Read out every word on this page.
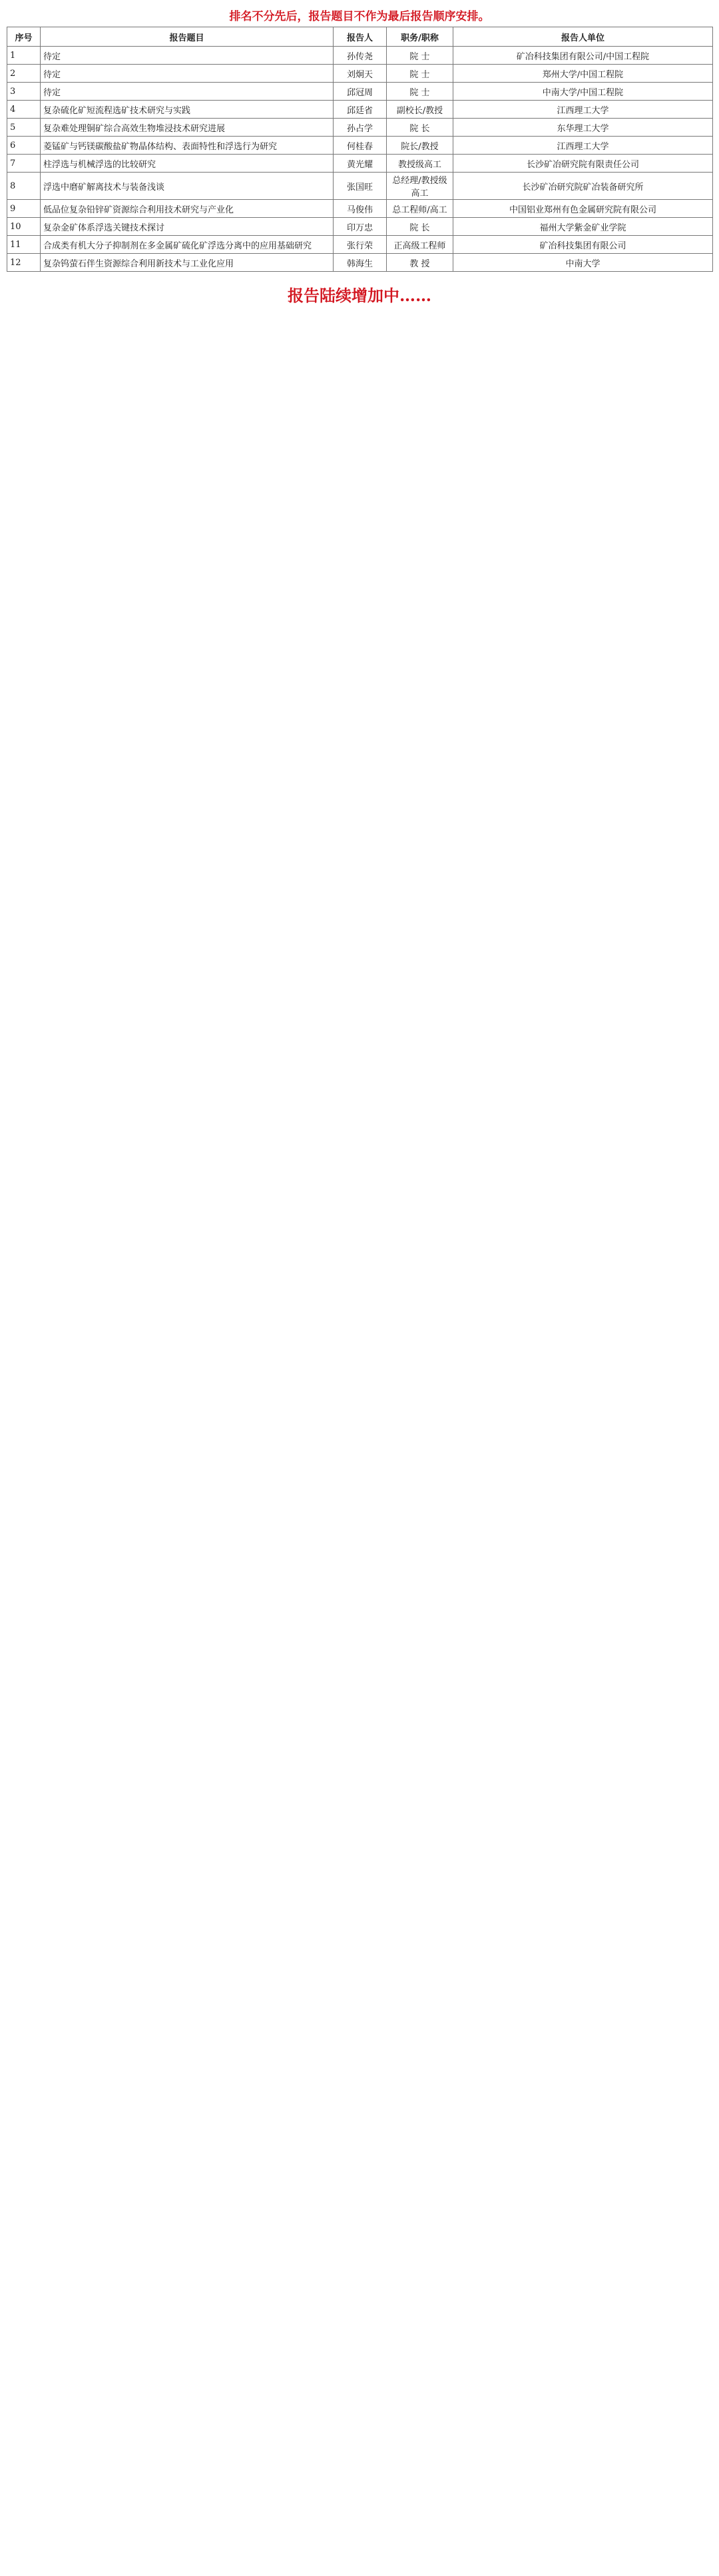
排名不分先后，报告题目不作为最后报告顺序安排。
序号	报告题目	报告人	职务/职称	报告人单位
1	待定	孙传尧	院 士	矿冶科技集团有限公司/中国工程院
2	待定	刘炯天	院 士	郑州大学/中国工程院
3	待定	邱冠周	院 士	中南大学/中国工程院
4	复杂硫化矿短流程选矿技术研究与实践	邱廷省	副校长/教授	江西理工大学
5	复杂难处理铜矿综合高效生物堆浸技术研究进展	孙占学	院 长	东华理工大学
6	菱锰矿与钙镁碳酸盐矿物晶体结构、表面特性和浮选行为研究	何桂春	院长/教授	江西理工大学
7	柱浮选与机械浮选的比较研究	黄光耀	教授级高工	长沙矿冶研究院有限责任公司
8	浮选中磨矿解离技术与装备浅谈	张国旺	总经理/教授级高工	长沙矿冶研究院矿冶装备研究所
9	低品位复杂铅锌矿资源综合利用技术研究与产业化	马俊伟	总工程师/高工	中国铝业郑州有色金属研究院有限公司
10	复杂金矿体系浮选关键技术探讨	印万忠	院 长	福州大学紫金矿业学院
11	合成类有机大分子抑制剂在多金属矿硫化矿浮选分离中的应用基础研究	张行荣	正高级工程师	矿冶科技集团有限公司
12	复杂钨萤石伴生资源综合利用新技术与工业化应用	韩海生	教 授	中南大学
报告陆续增加中……
